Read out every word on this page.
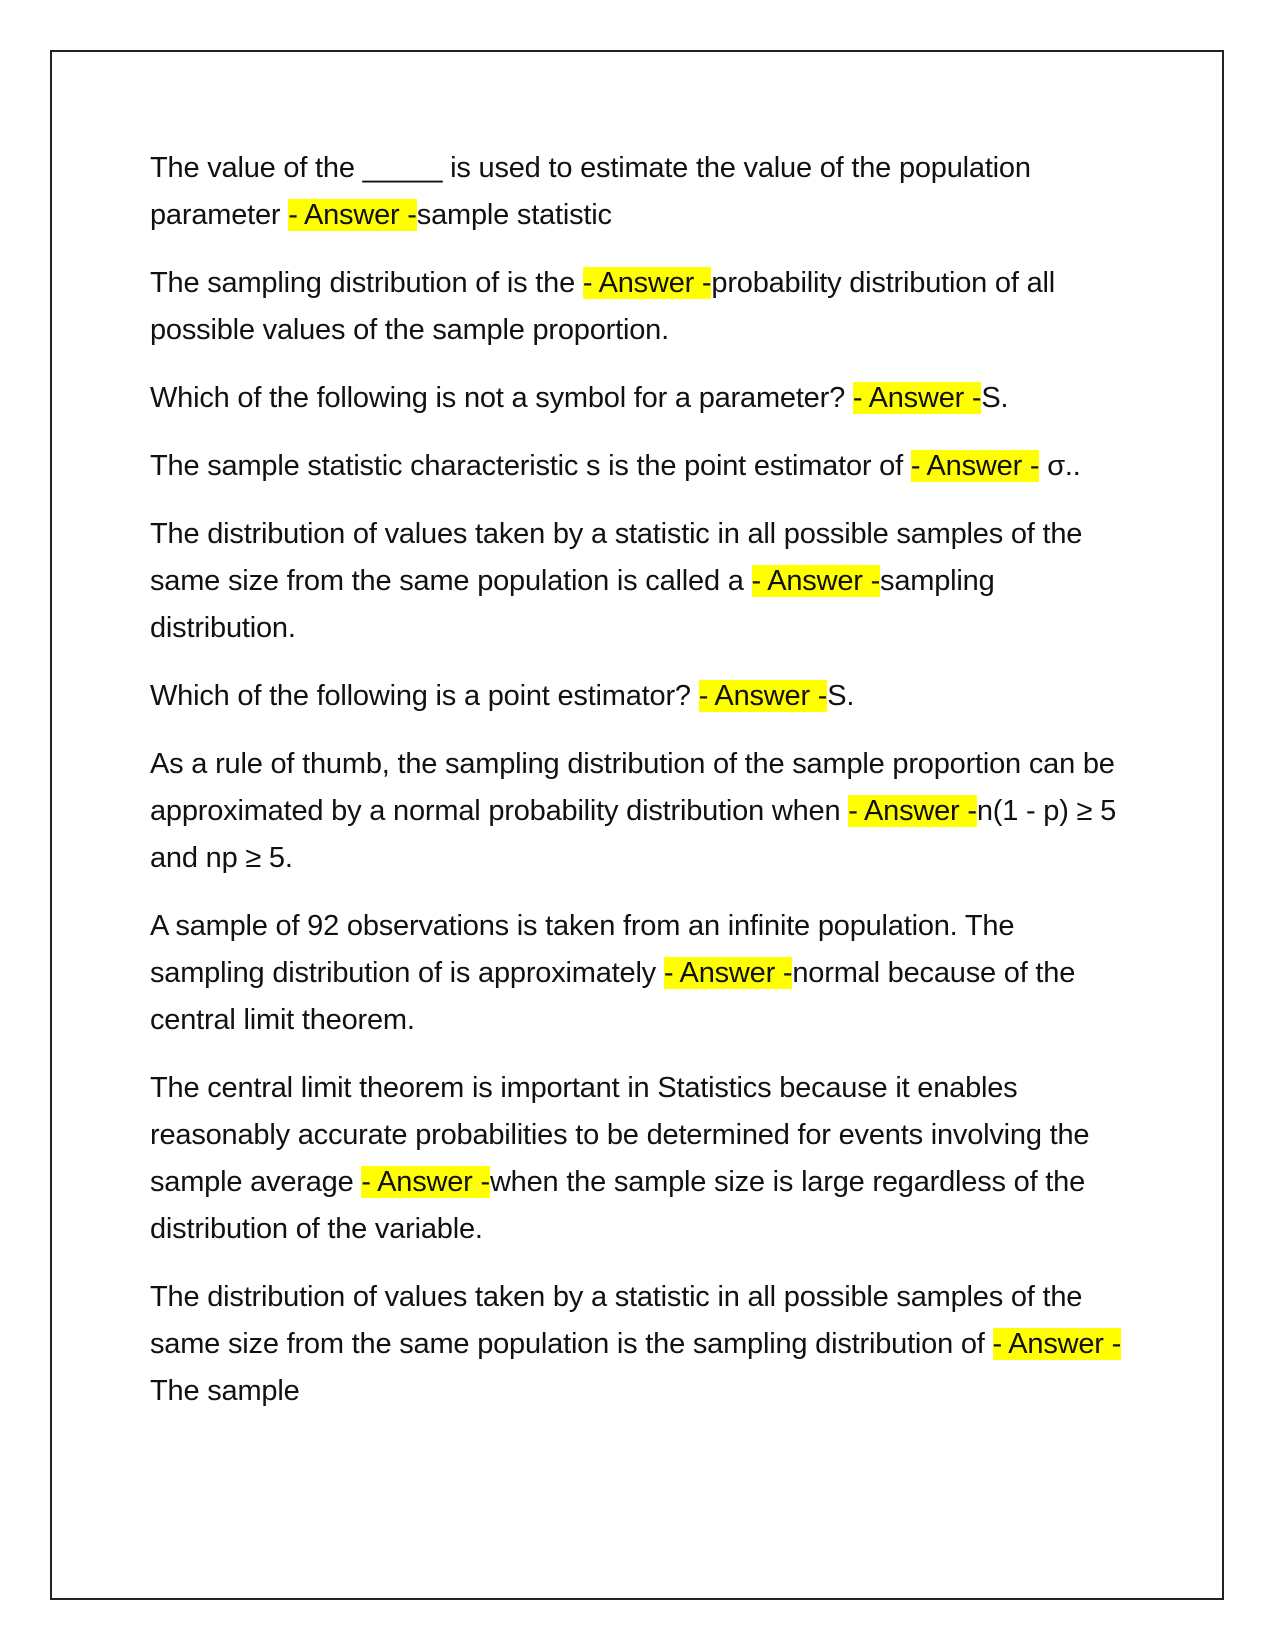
The value of the _____ is used to estimate the value of the population parameter - Answer -sample statistic

The sampling distribution of is the - Answer -probability distribution of all possible values of the sample proportion.

Which of the following is not a symbol for a parameter? - Answer -S.

The sample statistic characteristic s is the point estimator of - Answer - σ..

The distribution of values taken by a statistic in all possible samples of the same size from the same population is called a - Answer -sampling distribution.

Which of the following is a point estimator? - Answer -S.

As a rule of thumb, the sampling distribution of the sample proportion can be approximated by a normal probability distribution when - Answer -n(1 - p) ≥ 5 and np ≥ 5.

A sample of 92 observations is taken from an infinite population. The sampling distribution of is approximately - Answer -normal because of the central limit theorem.

The central limit theorem is important in Statistics because it enables reasonably accurate probabilities to be determined for events involving the sample average - Answer -when the sample size is large regardless of the distribution of the variable.

The distribution of values taken by a statistic in all possible samples of the same size from the same population is the sampling distribution of - Answer -The sample
